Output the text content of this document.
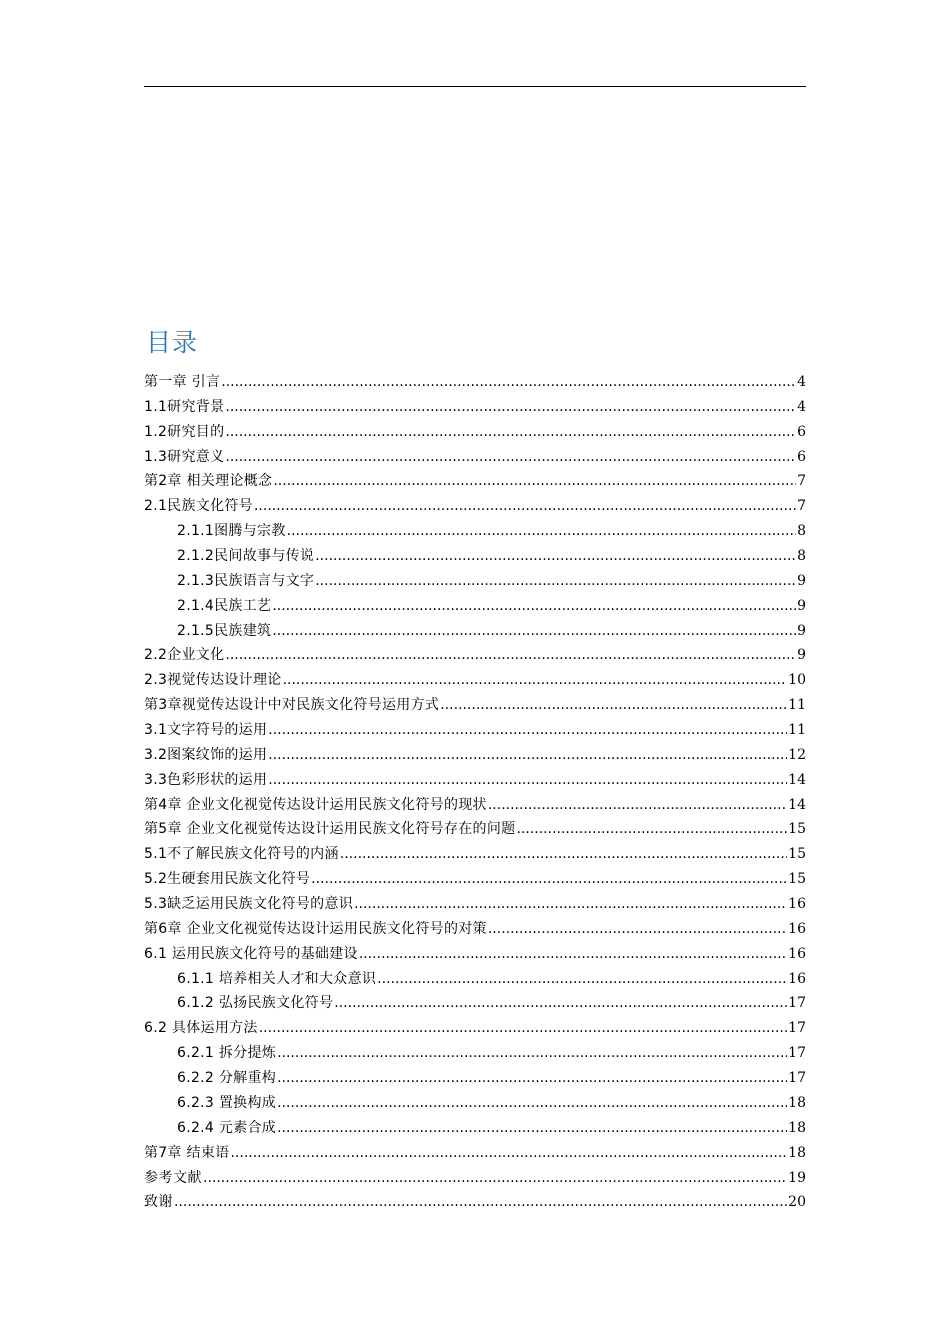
目录
第一章 引言 .....	4
1.1研究背景 .....	4
1.2研究目的 .....	6
1.3研究意义 .....	6
第2章 相关理论概念 .....	7
2.1民族文化符号 .....	7
2.1.1图腾与宗教 .....	8
2.1.2民间故事与传说 .....	8
2.1.3民族语言与文字 .....	9
2.1.4民族工艺 .....	9
2.1.5民族建筑 .....	9
2.2企业文化 .....	9
2.3视觉传达设计理论 .....	10
第3章视觉传达设计中对民族文化符号运用方式 .....	11
3.1文字符号的运用 .....	11
3.2图案纹饰的运用 .....	12
3.3色彩形状的运用 .....	14
第4章 企业文化视觉传达设计运用民族文化符号的现状 .....	14
第5章 企业文化视觉传达设计运用民族文化符号存在的问题 .....	15
5.1不了解民族文化符号的内涵 .....	15
5.2生硬套用民族文化符号 .....	15
5.3缺乏运用民族文化符号的意识 .....	16
第6章 企业文化视觉传达设计运用民族文化符号的对策 .....	16
6.1 运用民族文化符号的基础建设 .....	16
6.1.1 培养相关人才和大众意识 .....	16
6.1.2 弘扬民族文化符号 .....	17
6.2 具体运用方法 .....	17
6.2.1 拆分提炼 .....	17
6.2.2 分解重构 .....	17
6.2.3 置换构成 .....	18
6.2.4 元素合成 .....	18
第7章 结束语 .....	18
参考文献 .....	19
致谢 .....	20
